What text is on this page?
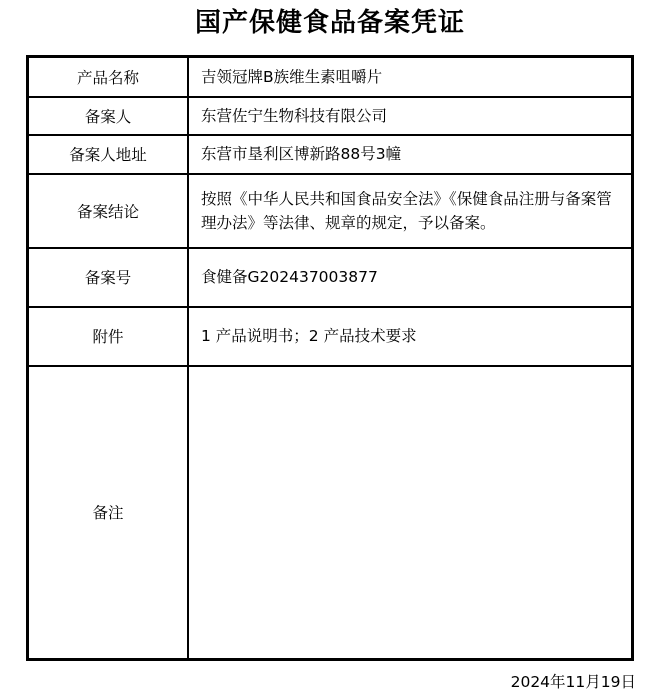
国产保健食品备案凭证
产品名称	吉领冠牌B族维生素咀嚼片
备案人	东营佐宁生物科技有限公司
备案人地址	东营市垦利区博新路88号3幢
备案结论	按照《中华人民共和国食品安全法》《保健食品注册与备案管理办法》等法律、规章的规定，予以备案。
备案号	食健备G202437003877
附件	1 产品说明书；2 产品技术要求
备注	
2024年11月19日
